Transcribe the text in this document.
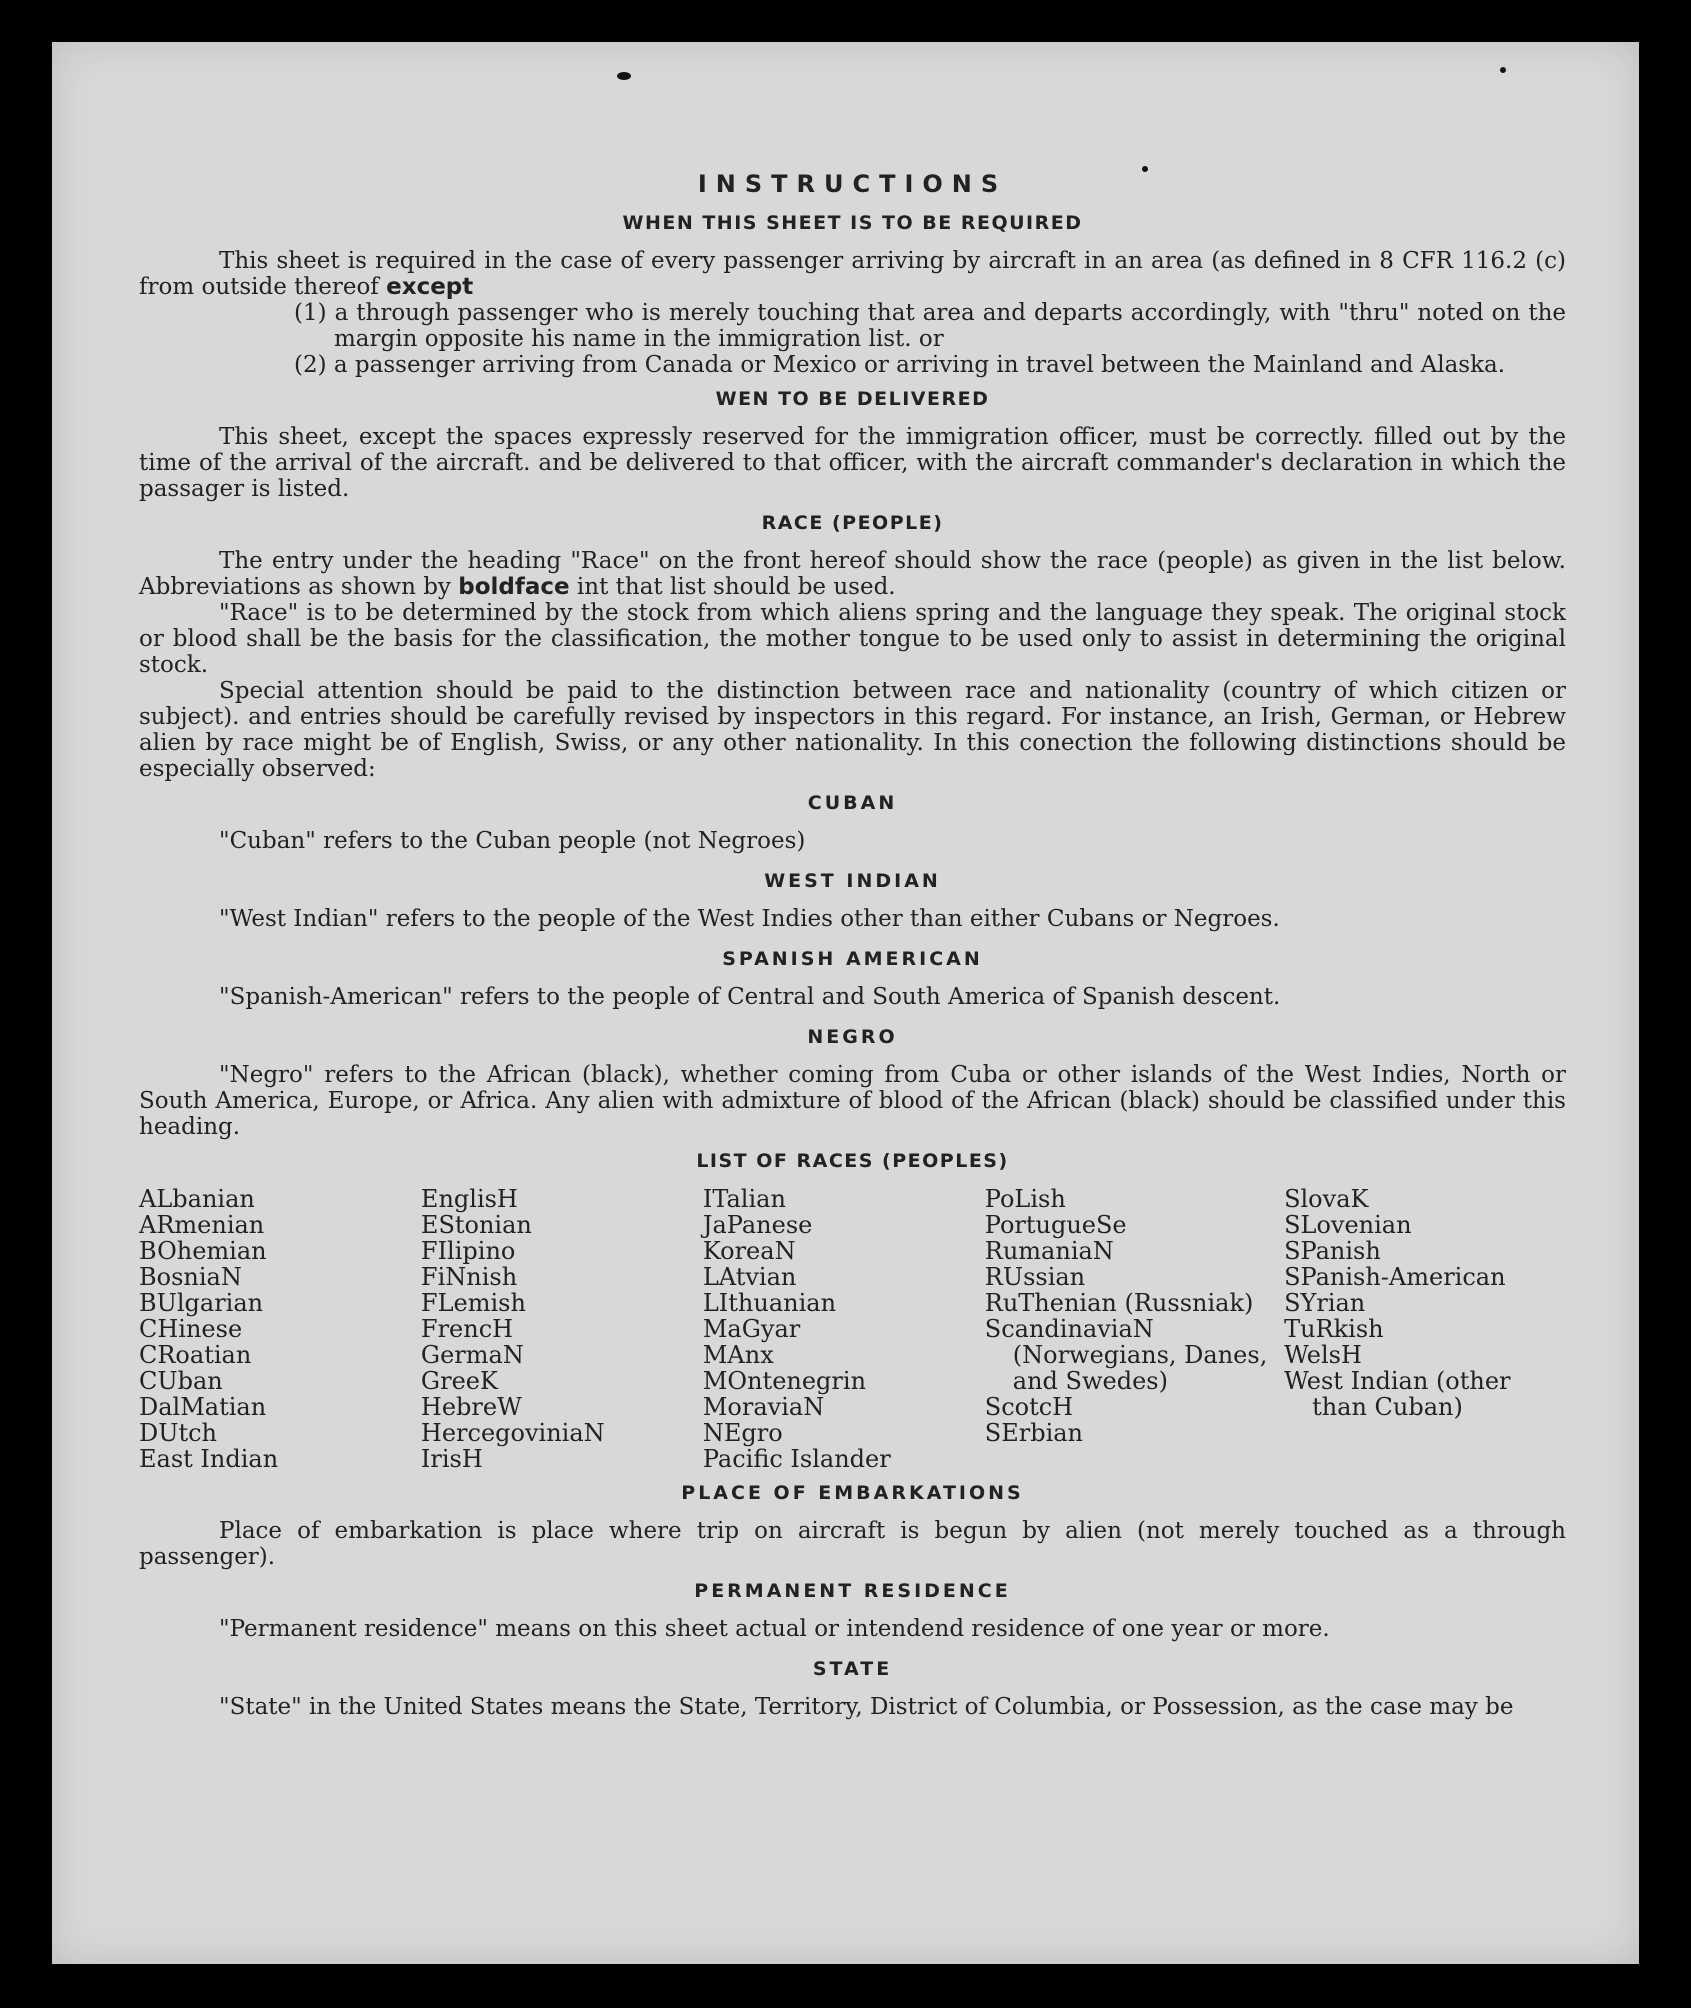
INSTRUCTIONS
WHEN THIS SHEET IS TO BE REQUIRED

This sheet is required in the case of every passenger arriving by aircraft in an area (as defined in 8 CFR 116.2 (c) from outside thereof except

(1) a through passenger who is merely touching that area and departs accordingly, with "thru" noted on the margin opposite his name in the immigration list. or
(2) a passenger arriving from Canada or Mexico or arriving in travel between the Mainland and Alaska.
WEN TO BE DELIVERED

This sheet, except the spaces expressly reserved for the immigration officer, must be correctly. filled out by the time of the arrival of the aircraft. and be delivered to that officer, with the aircraft commander's declaration in which the passager is listed.

RACE (PEOPLE)

The entry under the heading "Race" on the front hereof should show the race (people) as given in the list below. Abbreviations as shown by boldface int that list should be used.

"Race" is to be determined by the stock from which aliens spring and the language they speak. The original stock or blood shall be the basis for the classification, the mother tongue to be used only to assist in determining the original stock.

Special attention should be paid to the distinction between race and nationality (country of which citizen or subject). and entries should be carefully revised by inspectors in this regard. For instance, an Irish, German, or Hebrew alien by race might be of English, Swiss, or any other nationality. In this conection the following distinctions should be especially observed:

CUBAN

"Cuban" refers to the Cuban people (not Negroes)

WEST INDIAN

"West Indian" refers to the people of the West Indies other than either Cubans or Negroes.

SPANISH AMERICAN

"Spanish-American" refers to the people of Central and South America of Spanish descent.

NEGRO

"Negro" refers to the African (black), whether coming from Cuba or other islands of the West Indies, North or South America, Europe, or Africa. Any alien with admixture of blood of the African (black) should be classified under this heading.

LIST OF RACES (PEOPLES)
ALbanian
ARmenian
BOhemian
BosniaN
BUlgarian
CHinese
CRoatian
CUban
DalMatian
DUtch
East Indian
EnglisH
EStonian
FIlipino
FiNnish
FLemish
FrencH
GermaN
GreeK
HebreW
HercegoviniaN
IrisH
ITalian
JaPanese
KoreaN
LAtvian
LIthuanian
MaGyar
MAnx
MOntenegrin
MoraviaN
NEgro
Pacific Islander
PoLish
PortugueSe
RumaniaN
RUssian
RuThenian (Russniak)
ScandinaviaN (Norwegians, Danes, and Swedes)
ScotcH
SErbian
SlovaK
SLovenian
SPanish
SPanish-American
SYrian
TuRkish
WelsH
West Indian (other than Cuban)
PLACE OF EMBARKATIONS

Place of embarkation is place where trip on aircraft is begun by alien (not merely touched as a through passenger).

PERMANENT RESIDENCE

"Permanent residence" means on this sheet actual or intendend residence of one year or more.

STATE

"State" in the United States means the State, Territory, District of Columbia, or Possession, as the case may be
